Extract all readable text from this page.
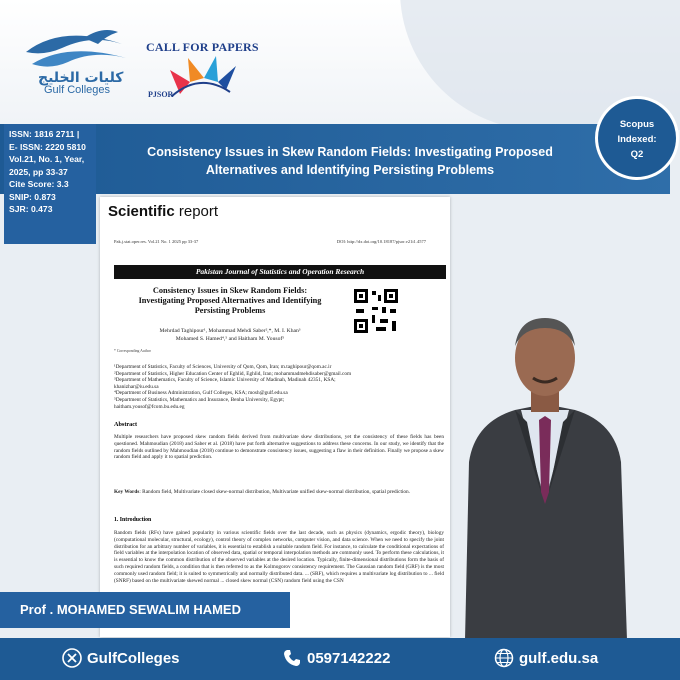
كليات الخليج
Gulf Colleges
CALL FOR PAPERS
PJSOR
Consistency Issues in Skew Random Fields: Investigating Proposed
Alternatives and Identifying Persisting Problems
ISSN: 1816 2711 |
E- ISSN: 2220 5810
Vol.21, No. 1, Year,
2025, pp 33-37
Cite Score: 3.3
SNIP: 0.873
SJR: 0.473
Scopus
Indexed:
Q2
Scientific report
Pak.j.stat.oper.res. Vol.21 No. 1 2025 pp 33-37	DOI: http://dx.doi.org/10.18187/pjsor.v21i1.4577
Pakistan Journal of Statistics and Operation Research
Consistency Issues in Skew Random Fields:
Investigating Proposed Alternatives and Identifying
Persisting Problems
Mehrdad Taghipour¹, Mohammad Mehdi Saber²,*, M. I. Khan³
Mohamed S. Hamed⁴,⁵ and Haitham M. Yousof⁵
* Corresponding Author
¹Department of Statistics, Faculty of Sciences, University of Qom, Qom, Iran; m.taghipour@qom.ac.ir
²Department of Statistics, Higher Education Center of Eghlid, Eghlid, Iran; mohammadmehdisaber@gmail.com
³Department of Mathematics, Faculty of Science, Islamic University of Madinah, Madinah 42351, KSA;
khanizhar@iu.edu.sa
⁴Department of Business Administration, Gulf Colleges, KSA; mosh@gulf.edu.sa
⁵Department of Statistics, Mathematics and Insurance, Benha University, Egypt;
haitham.yousof@fcom.bu.edu.eg
Abstract
Multiple researchers have proposed skew random fields derived from multivariate skew distributions, yet the consistency of these fields has been questioned. Mahmoudian (2018) and Saber et al. (2018) have put forth alternative suggestions to address these concerns. In our study, we identify that the random fields outlined by Mahmoudian (2018) continue to demonstrate consistency issues, suggesting a flaw in their definition. Finally we propose a skew random field and apply it to spatial prediction.
Key Words: Random field, Multivariate closed skew-normal distribution, Multivariate unified skew-normal distribution, spatial prediction.
1. Introduction
Random fields (RFs) have gained popularity in various scientific fields over the last decade, such as physics (dynamics, ergodic theory), biology (computational molecular, structural, ecology), control theory of complex networks, computer vision, and data science. When we need to specify the joint distribution for an arbitrary number of variables, it is essential to establish a suitable random field. For instance, to calculate the conditional expectations of field variables at the interpolation location of observed data, spatial or temporal interpolation methods are commonly used. To perform these calculations, it is essential to know the common distribution of the observed variables at the desired location. Typically, finite-dimensional distributions form the basis of such required random fields, a condition that is then referred to as the Kolmogorov consistency requirement. The Gaussian random field (GRF) is the most commonly used random field; it is suited to symmetrically and normally distributed data. ... (SRF), which requires a multivariate log distribution to ... field (SNRF) based on the multivariate skewed normal ... closed skew normal (CSN) random field using the CSN
Prof . MOHAMED SEWALIM HAMED
GulfColleges	0597142222	gulf.edu.sa
